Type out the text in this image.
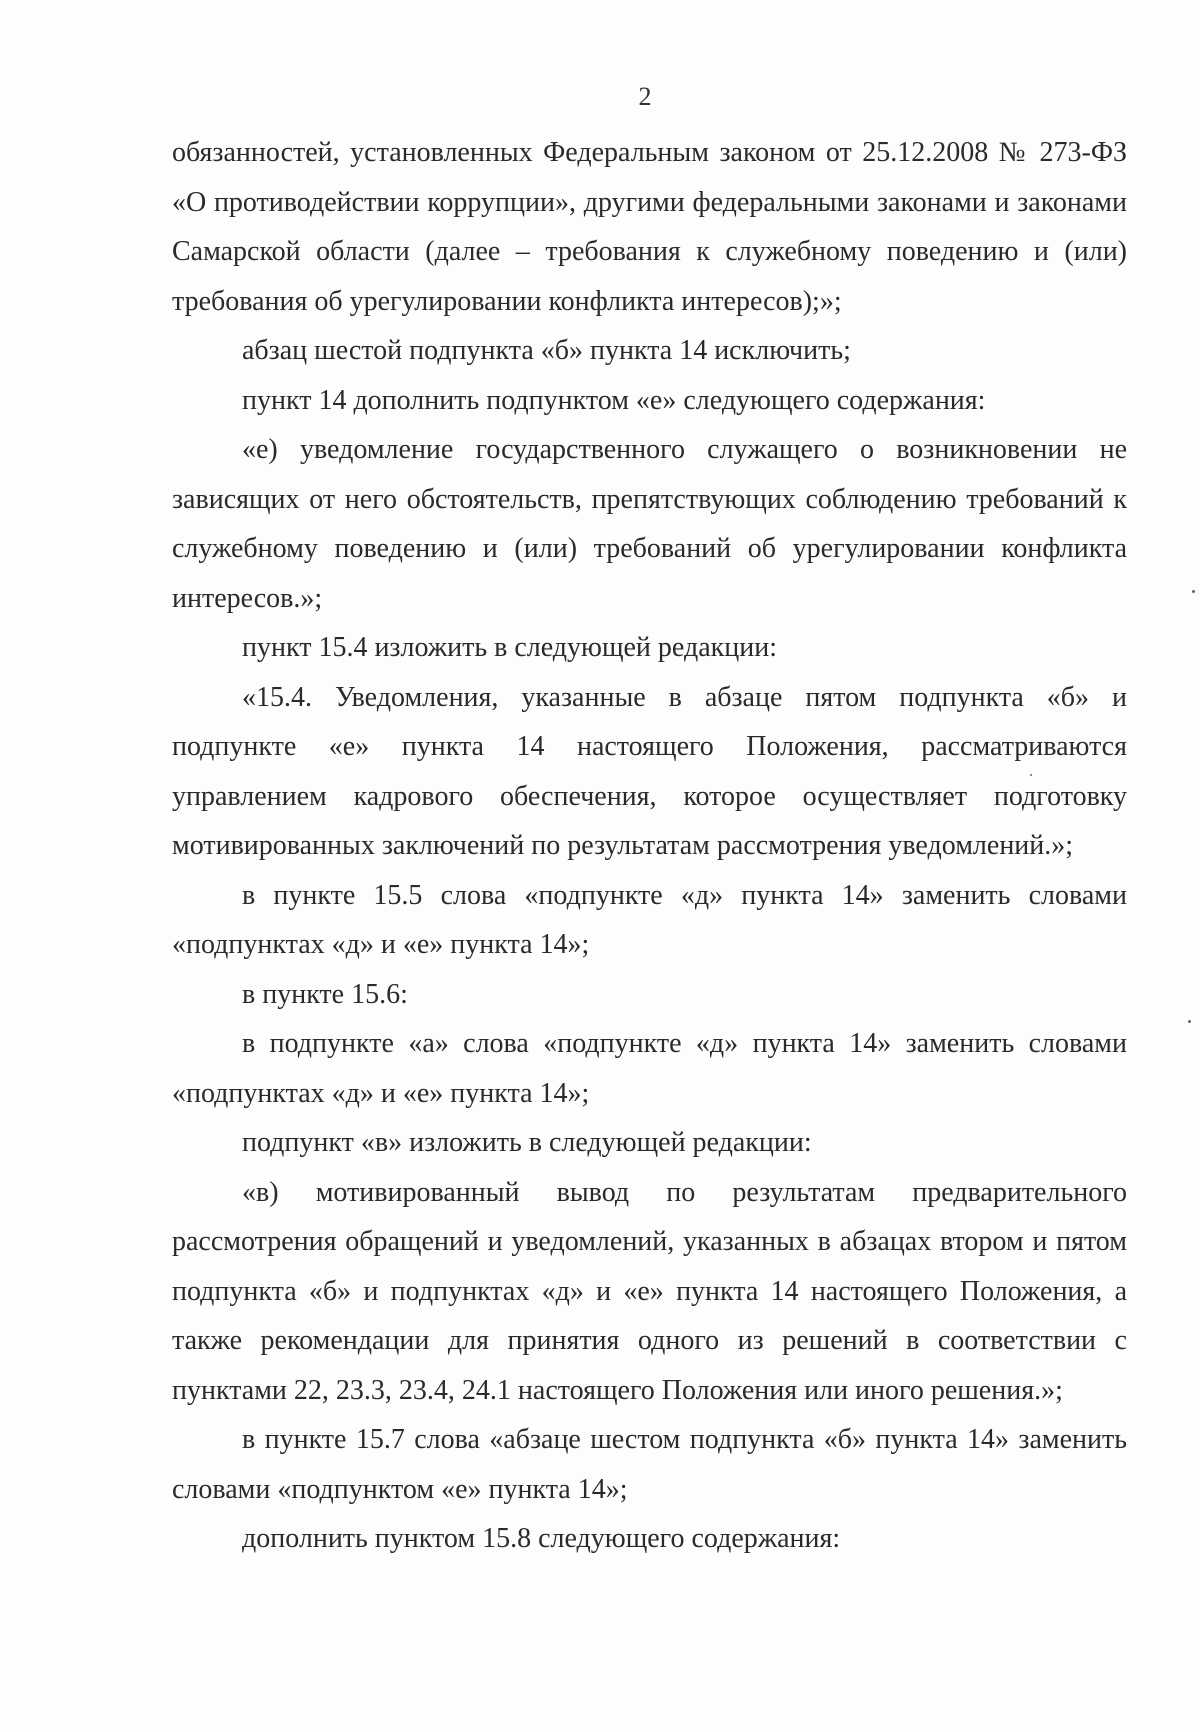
2

обязанностей, установленных Федеральным законом от 25.12.2008 № 273-ФЗ «О противодействии коррупции», другими федеральными законами и законами Самарской области (далее – требования к служебному поведению и (или) требования об урегулировании конфликта интересов);»;

абзац шестой подпункта «б» пункта 14 исключить;

пункт 14 дополнить подпунктом «е» следующего содержания:

«е) уведомление государственного служащего о возникновении не зависящих от него обстоятельств, препятствующих соблюдению требований к служебному поведению и (или) требований об урегулировании конфликта интересов.»;

пункт 15.4 изложить в следующей редакции:

«15.4. Уведомления, указанные в абзаце пятом подпункта «б» и подпункте «е» пункта 14 настоящего Положения, рассматриваются управлением кадрового обеспечения, которое осуществляет подготовку мотивированных заключений по результатам рассмотрения уведомлений.»;

в пункте 15.5 слова «подпункте «д» пункта 14» заменить словами «подпунктах «д» и «е» пункта 14»;

в пункте 15.6:

в подпункте «а» слова «подпункте «д» пункта 14» заменить словами «подпунктах «д» и «е» пункта 14»;

подпункт «в» изложить в следующей редакции:

«в) мотивированный вывод по результатам предварительного рассмотрения обращений и уведомлений, указанных в абзацах втором и пятом подпункта «б» и подпунктах «д» и «е» пункта 14 настоящего Положения, а также рекомендации для принятия одного из решений в соответствии с пунктами 22, 23.3, 23.4, 24.1 настоящего Положения или иного решения.»;

в пункте 15.7 слова «абзаце шестом подпункта «б» пункта 14» заменить словами «подпунктом «е» пункта 14»;

дополнить пунктом 15.8 следующего содержания:
